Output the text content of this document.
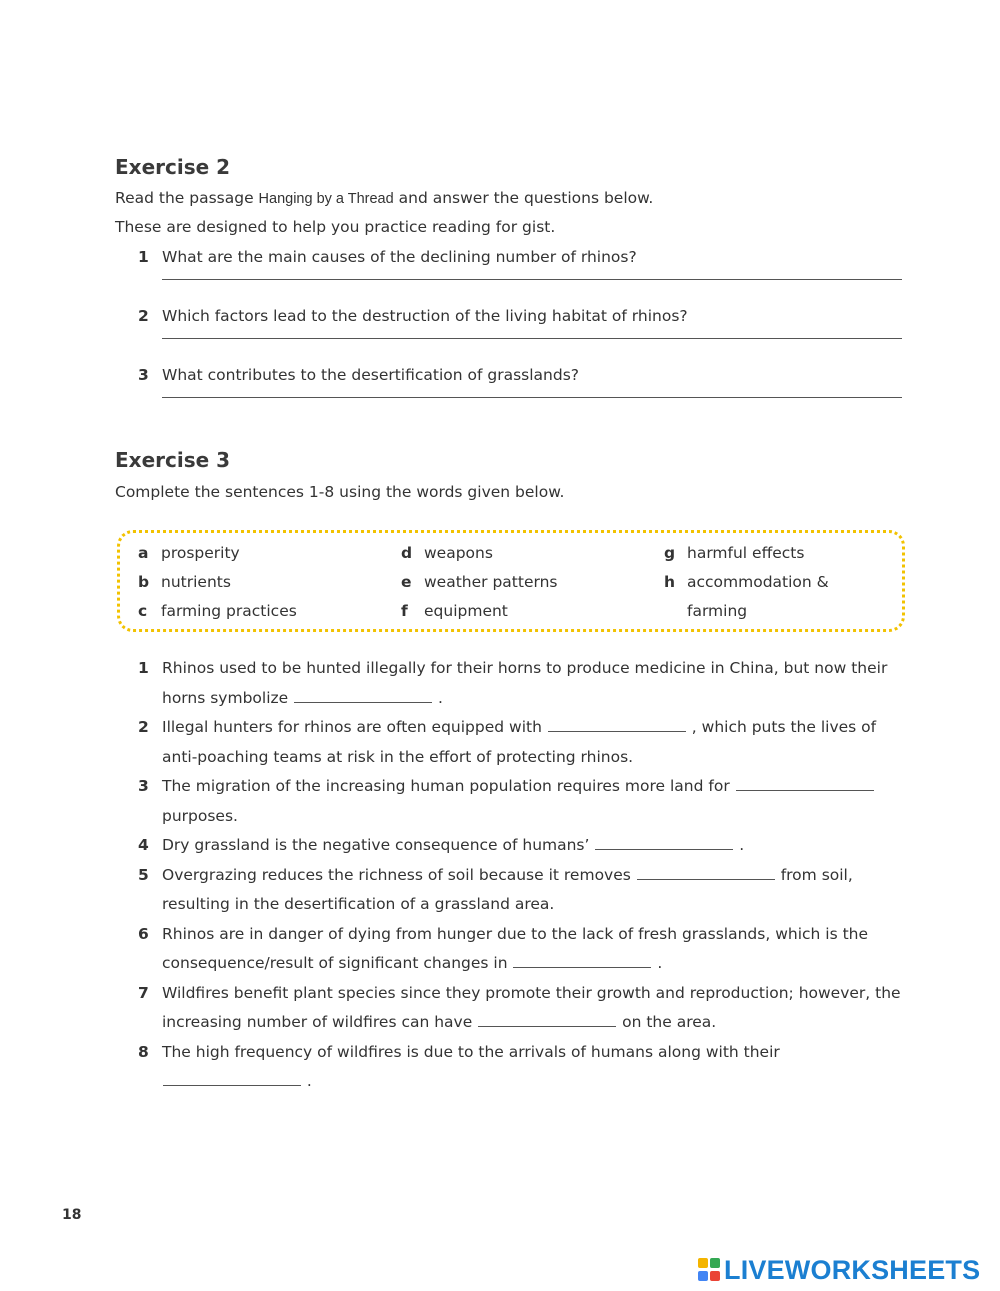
Exercise 2
Read the passage Hanging by a Thread and answer the questions below.
These are designed to help you practice reading for gist.
1 What are the main causes of the declining number of rhinos?
2 Which factors lead to the destruction of the living habitat of rhinos?
3 What contributes to the desertification of grasslands?
Exercise 3
Complete the sentences 1-8 using the words given below.
a prosperity
b nutrients
c farming practices
d weapons
e weather patterns
f equipment
g harmful effects
h accommodation &
farming
1 Rhinos used to be hunted illegally for their horns to produce medicine in China, but now their horns symbolize	.
2 Illegal hunters for rhinos are often equipped with	, which puts the lives of anti-poaching teams at risk in the effort of protecting rhinos.
3 The migration of the increasing human population requires more land for  purposes.
4 Dry grassland is the negative consequence of humans’	.
5 Overgrazing reduces the richness of soil because it removes	from soil, resulting in the desertification of a grassland area.
6 Rhinos are in danger of dying from hunger due to the lack of fresh grasslands, which is the consequence/result of significant changes in	.
7 Wildfires benefit plant species since they promote their growth and reproduction; however, the increasing number of wildfires can have	on the area.
8 The high frequency of wildfires is due to the arrivals of humans along with their  .
18
LIVEWORKSHEETS
